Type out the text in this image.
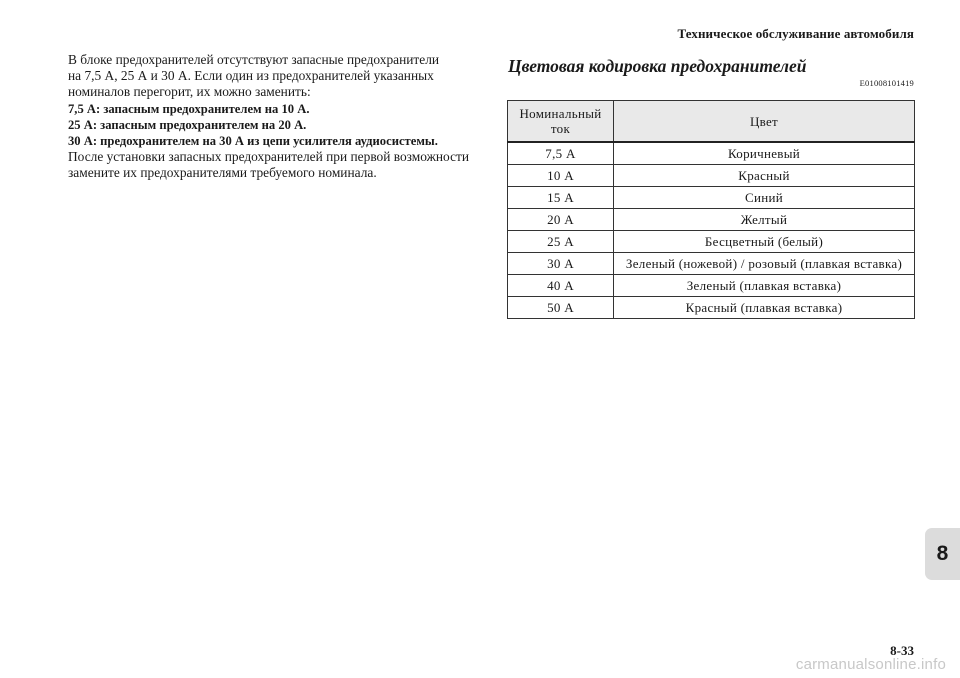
Техническое обслуживание автомобиля

В блоке предохранителей отсутствуют запасные предохранители

на 7,5 А, 25 А и 30 А. Если один из предохранителей указанных

номиналов перегорит, их можно заменить:

7,5 А: запасным предохранителем на 10 А.

25 А: запасным предохранителем на 20 А.

30 А: предохранителем на 30 А из цепи усилителя аудиосистемы.

После установки запасных предохранителей при первой возможности

замените их предохранителями требуемого номинала.

Цветовая кодировка предохранителей
E01008101419
Номинальный
ток	Цвет
7,5 А	Коричневый
10 А	Красный
15 А	Синий
20 А	Желтый
25 А	Бесцветный (белый)
30 А	Зеленый (ножевой) / розовый (плавкая вставка)
40 А	Зеленый (плавкая вставка)
50 А	Красный (плавкая вставка)
8
8-33
carmanualsonline.info
